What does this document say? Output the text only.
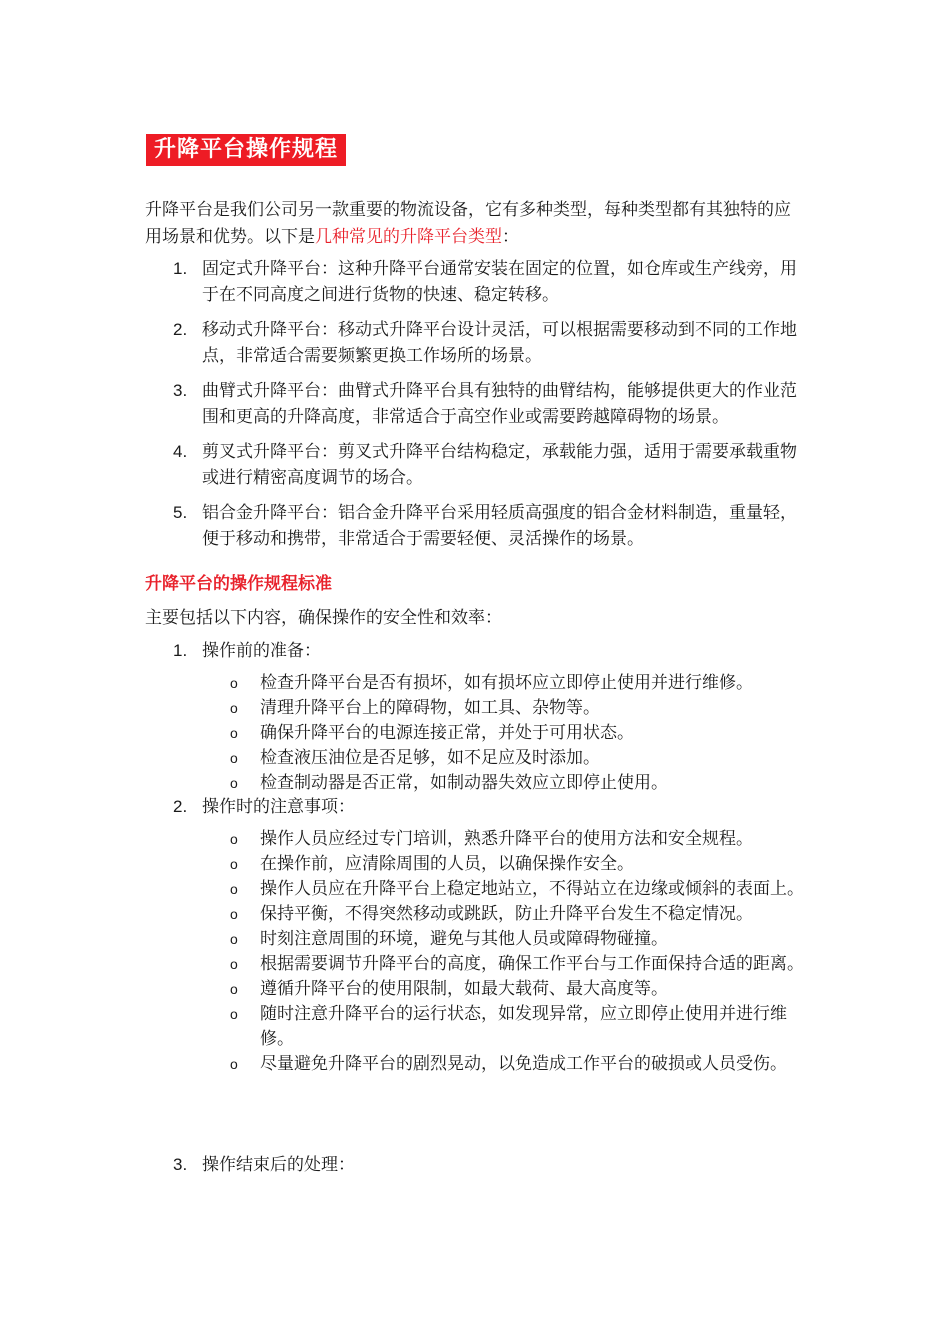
升降平台操作规程
升降平台是我们公司另一款重要的物流设备，它有多种类型，每种类型都有其独特的应用场景和优势。以下是几种常见的升降平台类型：
1. 固定式升降平台：这种升降平台通常安装在固定的位置，如仓库或生产线旁，用于在不同高度之间进行货物的快速、稳定转移。
2. 移动式升降平台：移动式升降平台设计灵活，可以根据需要移动到不同的工作地点，非常适合需要频繁更换工作场所的场景。
3. 曲臂式升降平台：曲臂式升降平台具有独特的曲臂结构，能够提供更大的作业范围和更高的升降高度，非常适合于高空作业或需要跨越障碍物的场景。
4. 剪叉式升降平台：剪叉式升降平台结构稳定，承载能力强，适用于需要承载重物或进行精密高度调节的场合。
5. 铝合金升降平台：铝合金升降平台采用轻质高强度的铝合金材料制造，重量轻，便于移动和携带，非常适合于需要轻便、灵活操作的场景。
升降平台的操作规程标准
主要包括以下内容，确保操作的安全性和效率：
1. 操作前的准备：
o 检查升降平台是否有损坏，如有损坏应立即停止使用并进行维修。
o 清理升降平台上的障碍物，如工具、杂物等。
o 确保升降平台的电源连接正常，并处于可用状态。
o 检查液压油位是否足够，如不足应及时添加。
o 检查制动器是否正常，如制动器失效应立即停止使用。
2. 操作时的注意事项：
o 操作人员应经过专门培训，熟悉升降平台的使用方法和安全规程。
o 在操作前，应清除周围的人员，以确保操作安全。
o 操作人员应在升降平台上稳定地站立，不得站立在边缘或倾斜的表面上。
o 保持平衡，不得突然移动或跳跃，防止升降平台发生不稳定情况。
o 时刻注意周围的环境，避免与其他人员或障碍物碰撞。
o 根据需要调节升降平台的高度，确保工作平台与工作面保持合适的距离。
o 遵循升降平台的使用限制，如最大载荷、最大高度等。
o 随时注意升降平台的运行状态，如发现异常，应立即停止使用并进行维修。
o 尽量避免升降平台的剧烈晃动，以免造成工作平台的破损或人员受伤。
3. 操作结束后的处理：
